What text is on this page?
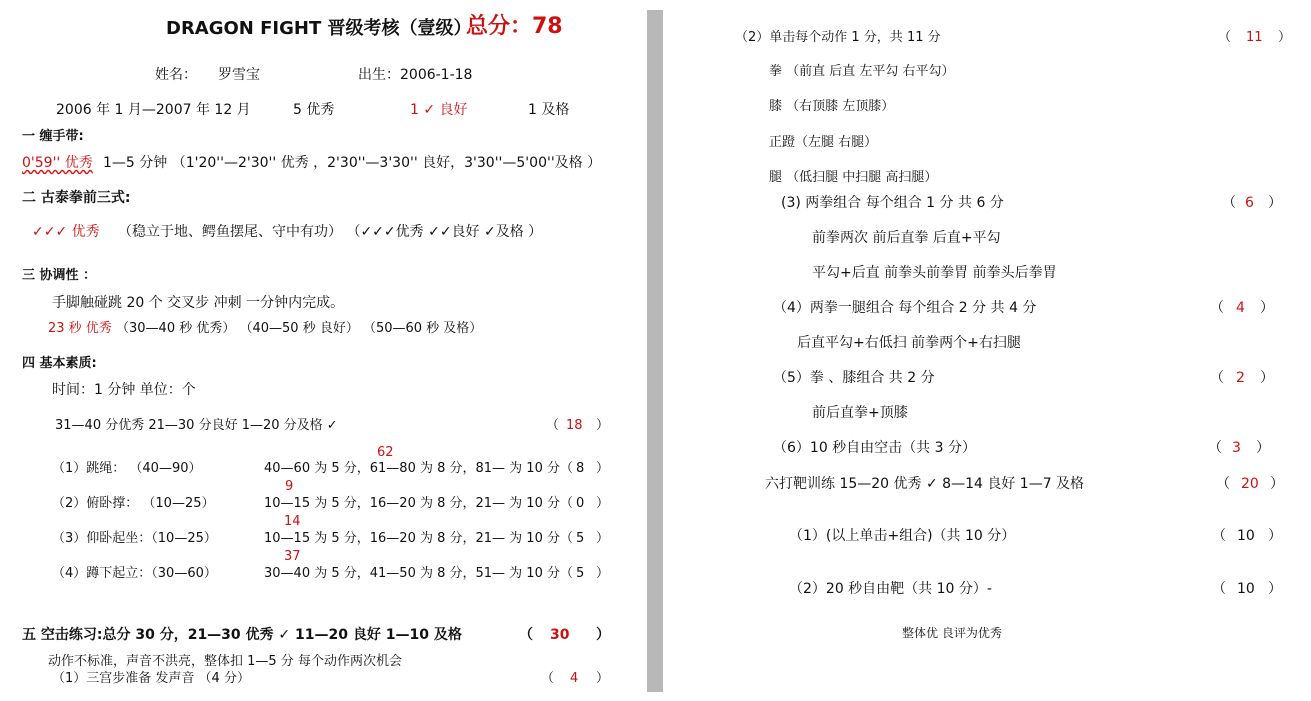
DRAGON FIGHT 晋级考核（壹级）
总分：78
姓名： 罗雪宝	出生：2006-1-18
2006 年 1 月—2007 年 12 月	5 优秀	1 ✓ 良好	1 及格
一 缠手带:
0'59'' 优秀 1—5 分钟 （1'20''—2'30'' 优秀 ，2'30''—3'30'' 良好，3'30''—5'00''及格 ）
二 古泰拳前三式:
✓✓✓ 优秀 （稳立于地、鳄鱼摆尾、守中有功） （✓✓✓优秀 ✓✓良好 ✓及格 ）
三 协调性 ：
手脚触碰跳 20 个 交叉步 冲刺 一分钟内完成。
23 秒 优秀 （30—40 秒 优秀） （40—50 秒 良好） （50—60 秒 及格）
四 基本素质:
时间：1 分钟 单位：个
31—40 分优秀 21—30 分良好 1—20 分及格 ✓	（ 18 ）
62
（1）跳绳： （40—90）	40—60 为 5 分，61—80 为 8 分，81— 为 10 分（ 8 ）
9
（2）俯卧撑： （10—25）	10—15 为 5 分，16—20 为 8 分，21— 为 10 分（ 0 ）
14
（3）仰卧起坐：（10—25）	10—15 为 5 分，16—20 为 8 分，21— 为 10 分（ 5 ）
37
（4）蹲下起立：（30—60）	30—40 为 5 分，41—50 为 8 分，51— 为 10 分（ 5 ）
五 空击练习:总分 30 分，21—30 优秀 ✓ 11—20 良好 1—10 及格	（ 30 ）
动作不标准，声音不洪亮，整体扣 1—5 分 每个动作两次机会
（1）三宫步准备 发声音 （4 分）	（ 4 ）
（2）单击每个动作 1 分，共 11 分	（ 11 ）
拳 （前直 后直 左平勾 右平勾）
膝 （右顶膝 左顶膝）
正蹬（左腿 右腿）
腿 （低扫腿 中扫腿 高扫腿）
(3) 两拳组合 每个组合 1 分 共 6 分	（ 6 ）
前拳两次 前后直拳 后直+平勾
平勾+后直 前拳头前拳胃 前拳头后拳胃
（4）两拳一腿组合 每个组合 2 分 共 4 分	（ 4 ）
后直平勾+右低扫 前拳两个+右扫腿
（5）拳 、膝组合 共 2 分	（ 2 ）
前后直拳+顶膝
（6）10 秒自由空击（共 3 分）	（ 3 ）
六打靶训练 15—20 优秀 ✓ 8—14 良好 1—7 及格	（ 20 ）
（1）(以上单击+组合)（共 10 分）	（ 10 ）
（2）20 秒自由靶（共 10 分）-	（ 10 ）
整体优 良评为优秀
